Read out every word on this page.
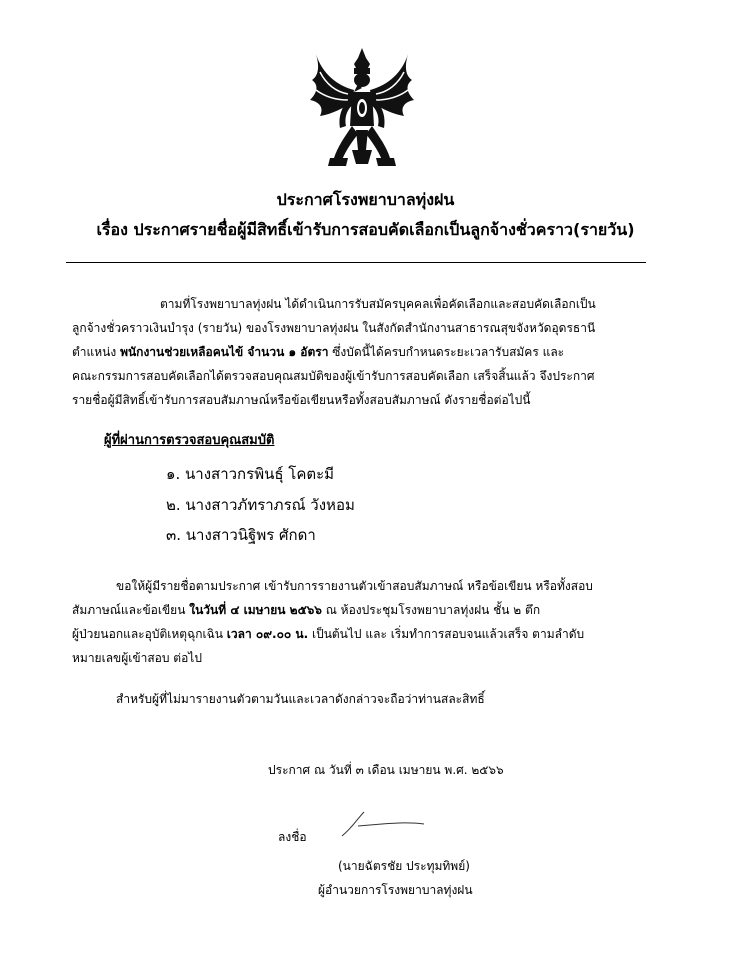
ประกาศโรงพยาบาลทุ่งฝน
เรื่อง ประกาศรายชื่อผู้มีสิทธิ์เข้ารับการสอบคัดเลือกเป็นลูกจ้างชั่วคราว(รายวัน)
ตามที่โรงพยาบาลทุ่งฝน ได้ดำเนินการรับสมัครบุคคลเพื่อคัดเลือกและสอบคัดเลือกเป็น
ลูกจ้างชั่วคราวเงินบำรุง (รายวัน) ของโรงพยาบาลทุ่งฝน ในสังกัดสำนักงานสาธารณสุขจังหวัดอุดรธานี
ตำแหน่ง พนักงานช่วยเหลือคนไข้ จำนวน ๑ อัตรา ซึ่งบัดนี้ได้ครบกำหนดระยะเวลารับสมัคร และ
คณะกรรมการสอบคัดเลือกได้ตรวจสอบคุณสมบัติของผู้เข้ารับการสอบคัดเลือก เสร็จสิ้นแล้ว จึงประกาศ
รายชื่อผู้มีสิทธิ์เข้ารับการสอบสัมภาษณ์หรือข้อเขียนหรือทั้งสอบสัมภาษณ์ ดังรายชื่อต่อไปนี้
ผู้ที่ผ่านการตรวจสอบคุณสมบัติ
๑. นางสาวกรพินธุ์ โคตะมี
๒. นางสาวภัทราภรณ์ วังหอม
๓. นางสาวนิฐิพร ศักดา
ขอให้ผู้มีรายชื่อตามประกาศ เข้ารับการรายงานตัวเข้าสอบสัมภาษณ์ หรือข้อเขียน หรือทั้งสอบ
สัมภาษณ์และข้อเขียน ในวันที่ ๔ เมษายน ๒๕๖๖ ณ ห้องประชุมโรงพยาบาลทุ่งฝน ชั้น ๒ ตึก
ผู้ป่วยนอกและอุบัติเหตุฉุกเฉิน เวลา ๐๙.๐๐ น. เป็นต้นไป และ เริ่มทำการสอบจนแล้วเสร็จ ตามลำดับ
หมายเลขผู้เข้าสอบ ต่อไป
สำหรับผู้ที่ไม่มารายงานตัวตามวันและเวลาดังกล่าวจะถือว่าท่านสละสิทธิ์
ประกาศ ณ วันที่ ๓ เดือน เมษายน พ.ศ. ๒๕๖๖
ลงชื่อ
(นายฉัตรชัย ประทุมทิพย์)
ผู้อำนวยการโรงพยาบาลทุ่งฝน
